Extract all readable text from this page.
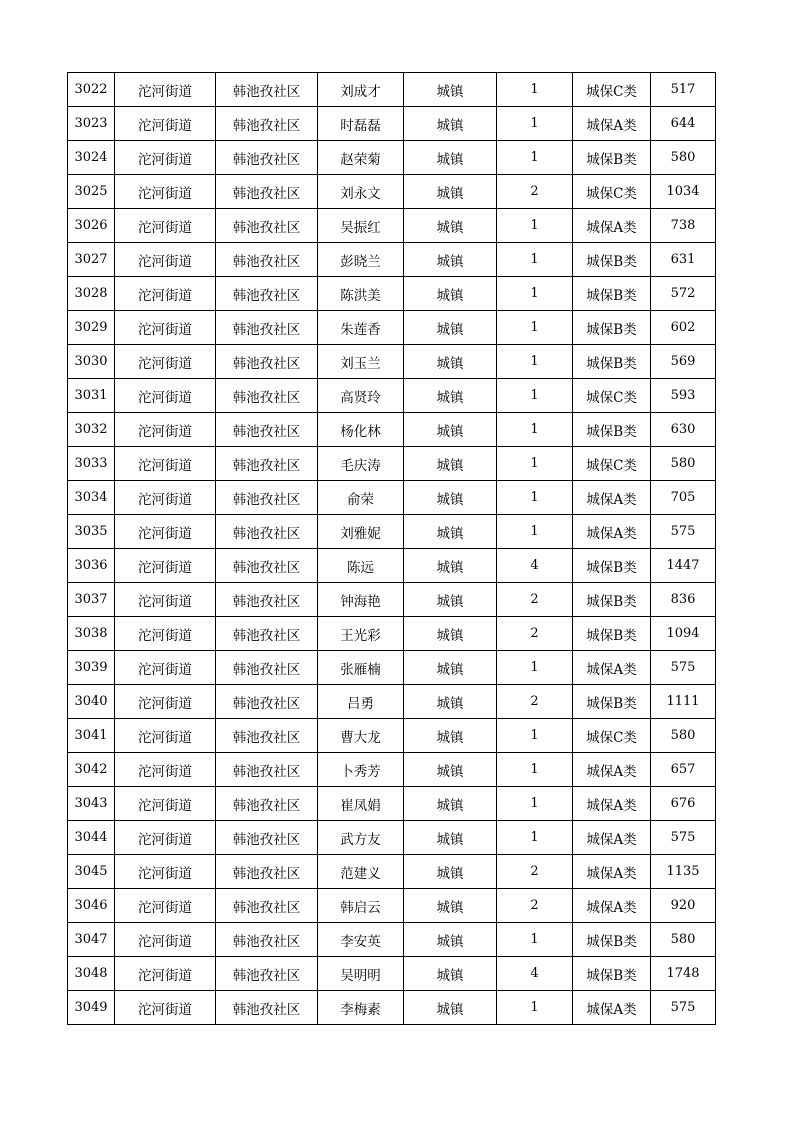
3022	沱河街道	韩池孜社区	刘成才	城镇	1	城保C类	517
3023	沱河街道	韩池孜社区	时磊磊	城镇	1	城保A类	644
3024	沱河街道	韩池孜社区	赵荣菊	城镇	1	城保B类	580
3025	沱河街道	韩池孜社区	刘永文	城镇	2	城保C类	1034
3026	沱河街道	韩池孜社区	吴振红	城镇	1	城保A类	738
3027	沱河街道	韩池孜社区	彭晓兰	城镇	1	城保B类	631
3028	沱河街道	韩池孜社区	陈洪美	城镇	1	城保B类	572
3029	沱河街道	韩池孜社区	朱莲香	城镇	1	城保B类	602
3030	沱河街道	韩池孜社区	刘玉兰	城镇	1	城保B类	569
3031	沱河街道	韩池孜社区	高贤玲	城镇	1	城保C类	593
3032	沱河街道	韩池孜社区	杨化林	城镇	1	城保B类	630
3033	沱河街道	韩池孜社区	毛庆涛	城镇	1	城保C类	580
3034	沱河街道	韩池孜社区	俞荣	城镇	1	城保A类	705
3035	沱河街道	韩池孜社区	刘雅妮	城镇	1	城保A类	575
3036	沱河街道	韩池孜社区	陈远	城镇	4	城保B类	1447
3037	沱河街道	韩池孜社区	钟海艳	城镇	2	城保B类	836
3038	沱河街道	韩池孜社区	王光彩	城镇	2	城保B类	1094
3039	沱河街道	韩池孜社区	张雁楠	城镇	1	城保A类	575
3040	沱河街道	韩池孜社区	吕勇	城镇	2	城保B类	1111
3041	沱河街道	韩池孜社区	曹大龙	城镇	1	城保C类	580
3042	沱河街道	韩池孜社区	卜秀芳	城镇	1	城保A类	657
3043	沱河街道	韩池孜社区	崔凤娟	城镇	1	城保A类	676
3044	沱河街道	韩池孜社区	武方友	城镇	1	城保A类	575
3045	沱河街道	韩池孜社区	范建义	城镇	2	城保A类	1135
3046	沱河街道	韩池孜社区	韩启云	城镇	2	城保A类	920
3047	沱河街道	韩池孜社区	李安英	城镇	1	城保B类	580
3048	沱河街道	韩池孜社区	吴明明	城镇	4	城保B类	1748
3049	沱河街道	韩池孜社区	李梅素	城镇	1	城保A类	575
